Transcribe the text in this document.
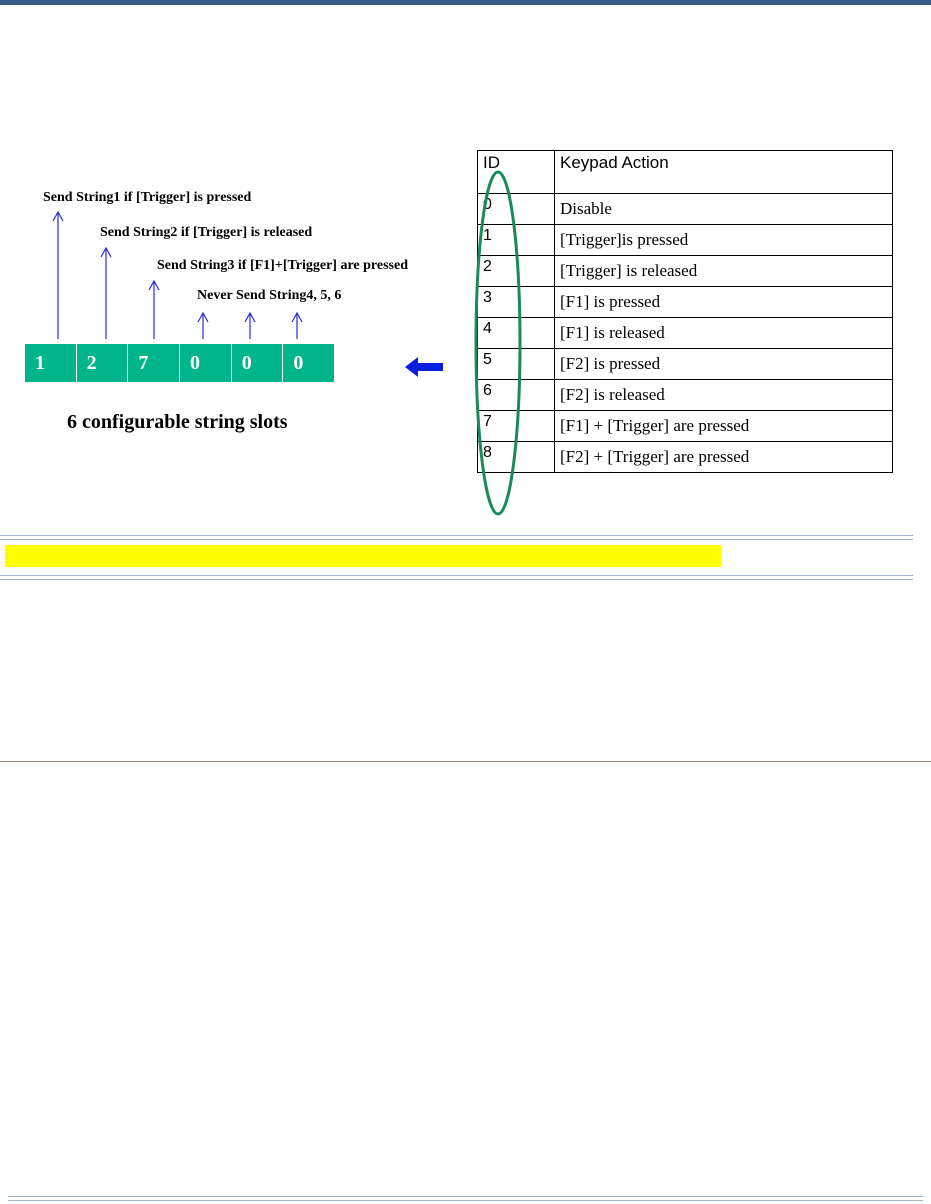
Send String1 if [Trigger] is pressed
Send String2 if [Trigger] is released
Send String3 if [F1]+[Trigger] are pressed
Never Send String4, 5, 6
1	2	7	0	0	0
6 configurable string slots
ID	Keypad Action
0	Disable
1	[Trigger]is pressed
2	[Trigger] is released
3	[F1] is pressed
4	[F1] is released
5	[F2] is pressed
6	[F2] is released
7	[F1] + [Trigger] are pressed
8	[F2] + [Trigger] are pressed
